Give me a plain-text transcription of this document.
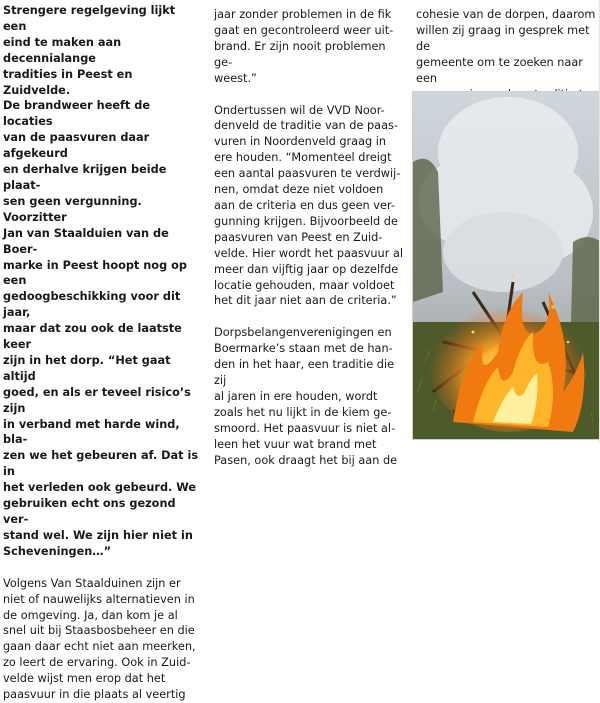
Strengere regelgeving lijkt een

eind te maken aan decennialange

tradities in Peest en Zuidvelde.

De brandweer heeft de locaties

van de paasvuren daar afgekeurd

en derhalve krijgen beide plaat-

sen geen vergunning. Voorzitter

Jan van Staalduien van de Boer-

marke in Peest hoopt nog op een

gedoogbeschikking voor dit jaar,

maar dat zou ook de laatste keer

zijn in het dorp. “Het gaat altijd

goed, en als er teveel risico’s zijn

in verband met harde wind, bla-

zen we het gebeuren af. Dat is in

het verleden ook gebeurd. We

gebruiken echt ons gezond ver-

stand wel. We zijn hier niet in

Scheveningen…”

Volgens Van Staalduinen zijn er

niet of nauwelijks alternatieven in

de omgeving. Ja, dan kom je al

snel uit bij Staasbosbeheer en die

gaan daar echt niet aan meerken,

zo leert de ervaring. Ook in Zuid-

velde wijst men erop dat het

paasvuur in die plaats al veertig

jaar zonder problemen in de fik

gaat en gecontroleerd weer uit-

brand. Er zijn nooit problemen ge-

weest.”

Ondertussen wil de VVD Noor-

denveld de traditie van de paas-

vuren in Noordenveld graag in

ere houden. “Momenteel dreigt

een aantal paasvuren te verdwij-

nen, omdat deze niet voldoen

aan de criteria en dus geen ver-

gunning krijgen. Bijvoorbeeld de

paasvuren van Peest en Zuid-

velde. Hier wordt het paasvuur al

meer dan vijftig jaar op dezelfde

locatie gehouden, maar voldoet

het dit jaar niet aan de criteria.”

Dorpsbelangenverenigingen en

Boermarke’s staan met de han-

den in het haar, een traditie die zij

al jaren in ere houden, wordt

zoals het nu lijkt in de kiem ge-

smoord. Het paasvuur is niet al-

leen het vuur wat brand met

Pasen, ook draagt het bij aan de

cohesie van de dorpen, daarom

willen zij graag in gesprek met de

gemeente om te zoeken naar een
